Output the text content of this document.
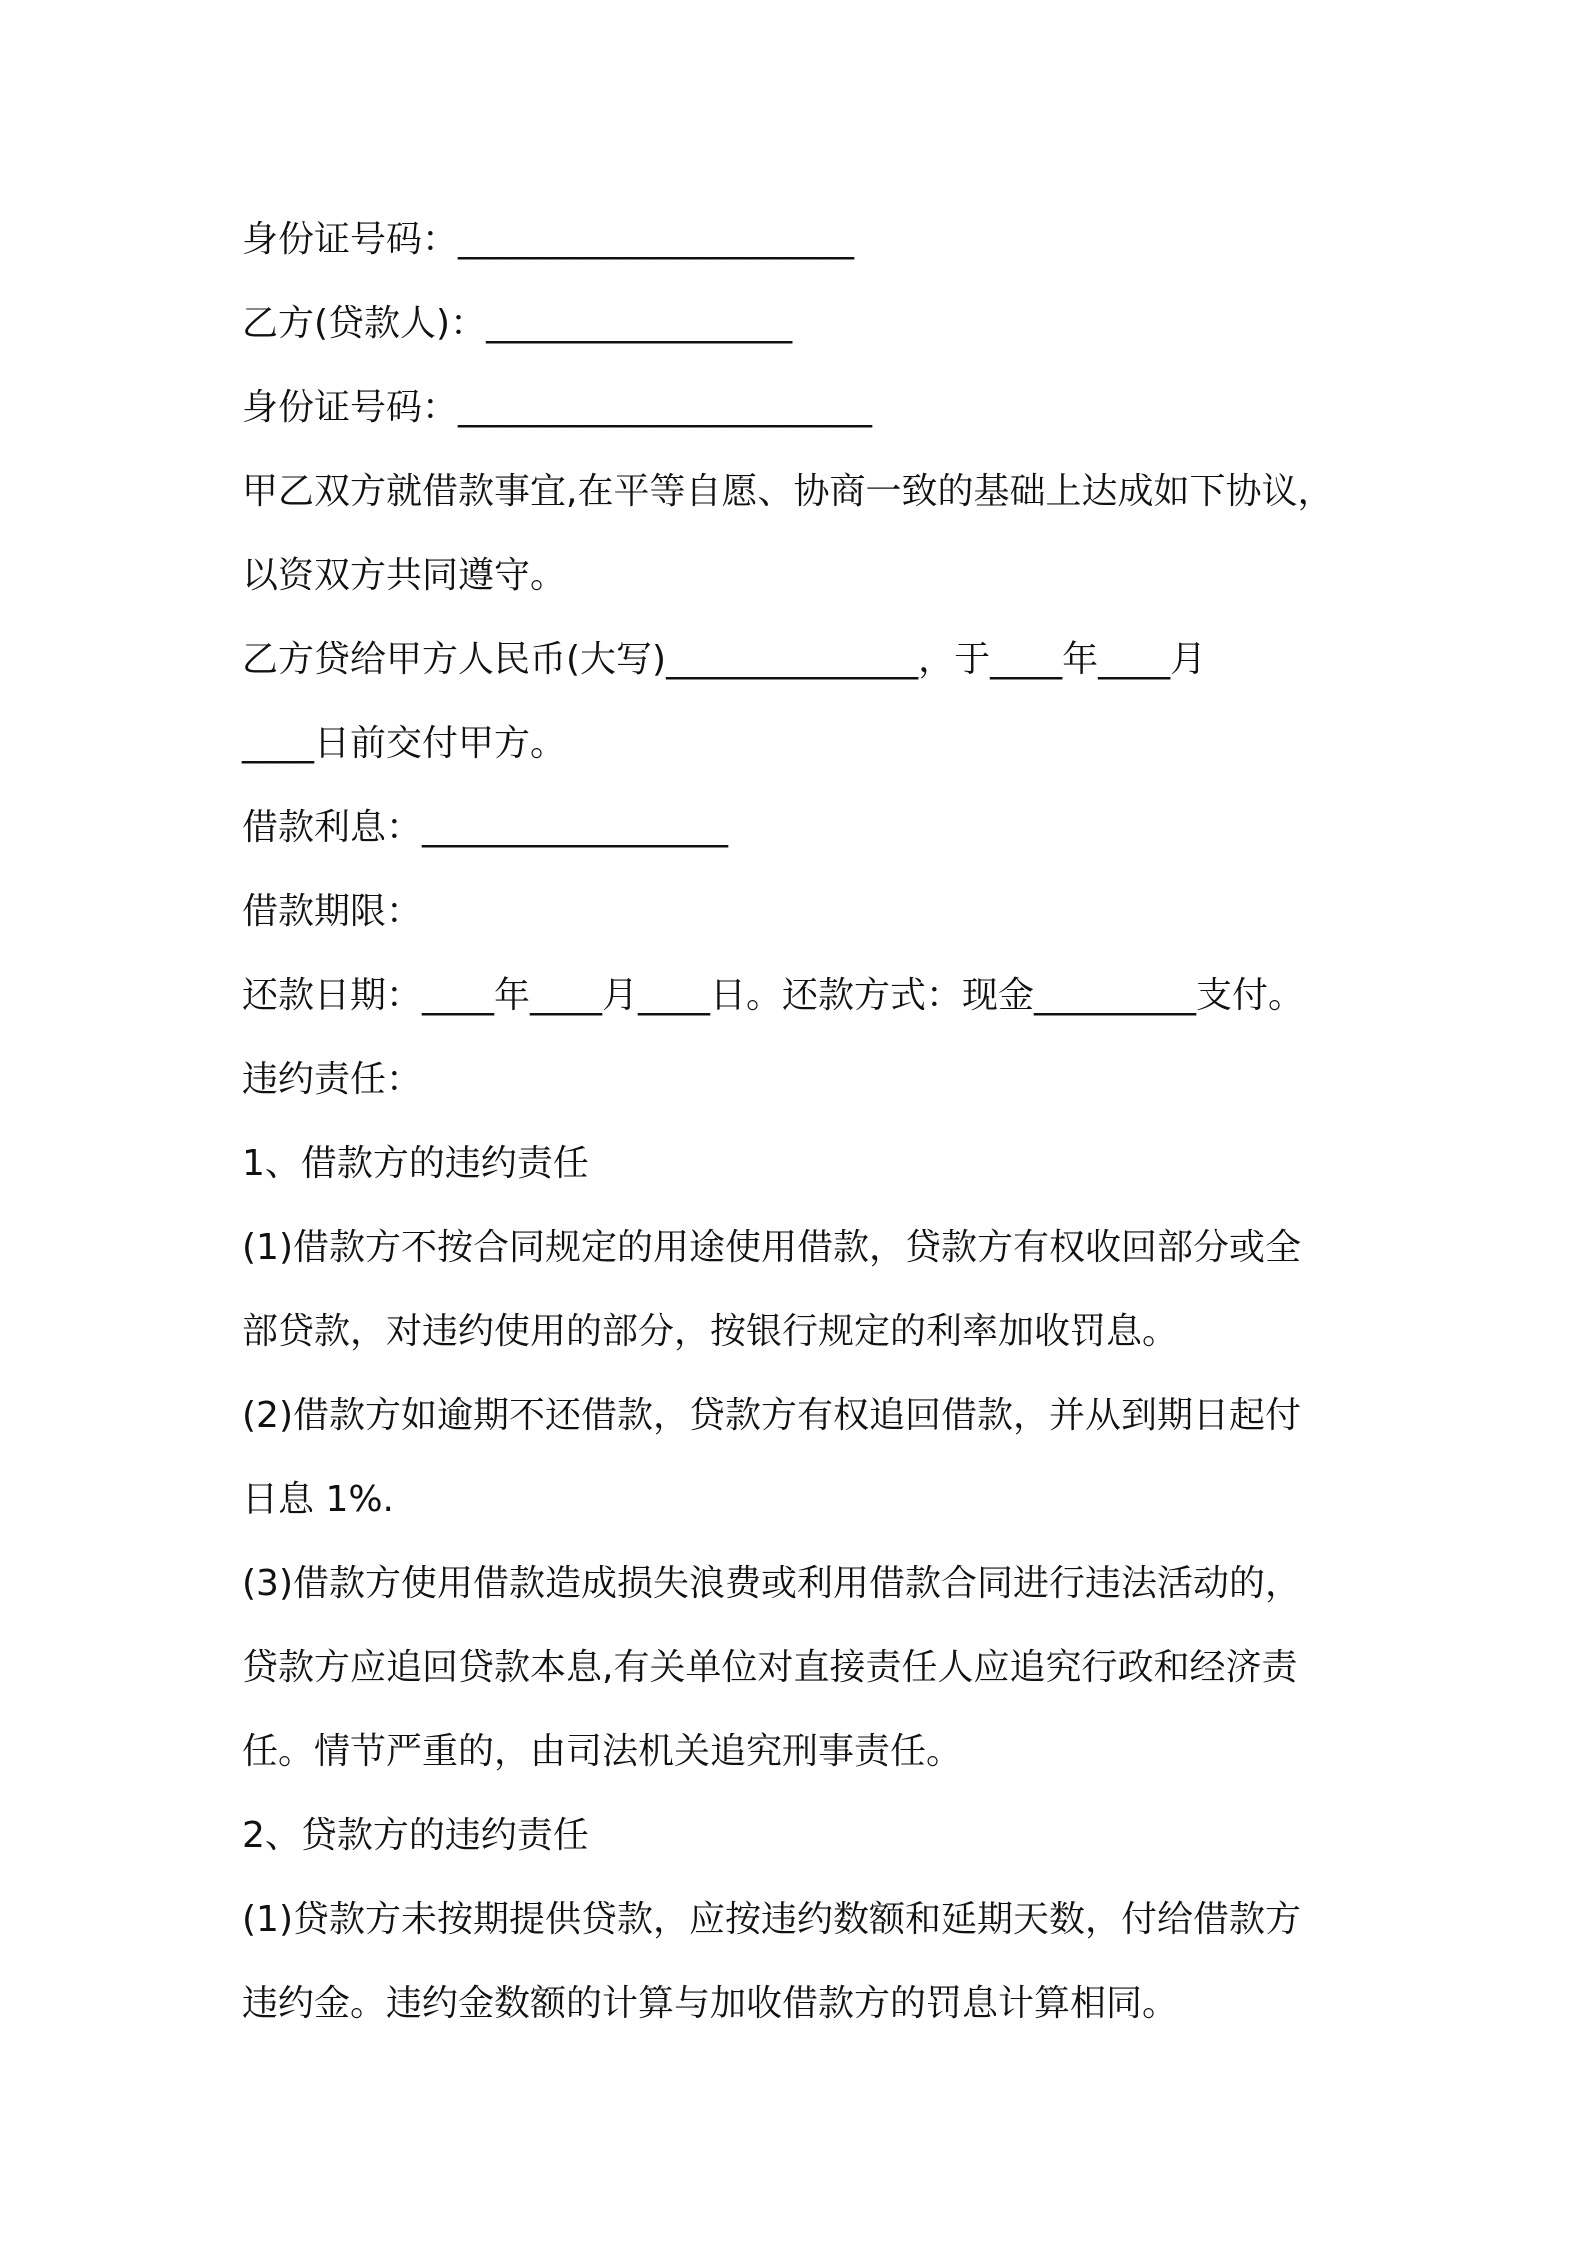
身份证号码：______________________
乙方(贷款人)：_________________
身份证号码：_______________________
甲乙双方就借款事宜,在平等自愿、协商一致的基础上达成如下协议，
以资双方共同遵守。
乙方贷给甲方人民币(大写)______________，于____年____月
____日前交付甲方。
借款利息：_________________
借款期限：
还款日期：____年____月____日。还款方式：现金_________支付。
违约责任：
1、借款方的违约责任
(1)借款方不按合同规定的用途使用借款，贷款方有权收回部分或全
部贷款，对违约使用的部分，按银行规定的利率加收罚息。
(2)借款方如逾期不还借款，贷款方有权追回借款，并从到期日起付
日息 1%.
(3)借款方使用借款造成损失浪费或利用借款合同进行违法活动的，
贷款方应追回贷款本息,有关单位对直接责任人应追究行政和经济责
任。情节严重的，由司法机关追究刑事责任。
2、贷款方的违约责任
(1)贷款方未按期提供贷款，应按违约数额和延期天数，付给借款方
违约金。违约金数额的计算与加收借款方的罚息计算相同。
